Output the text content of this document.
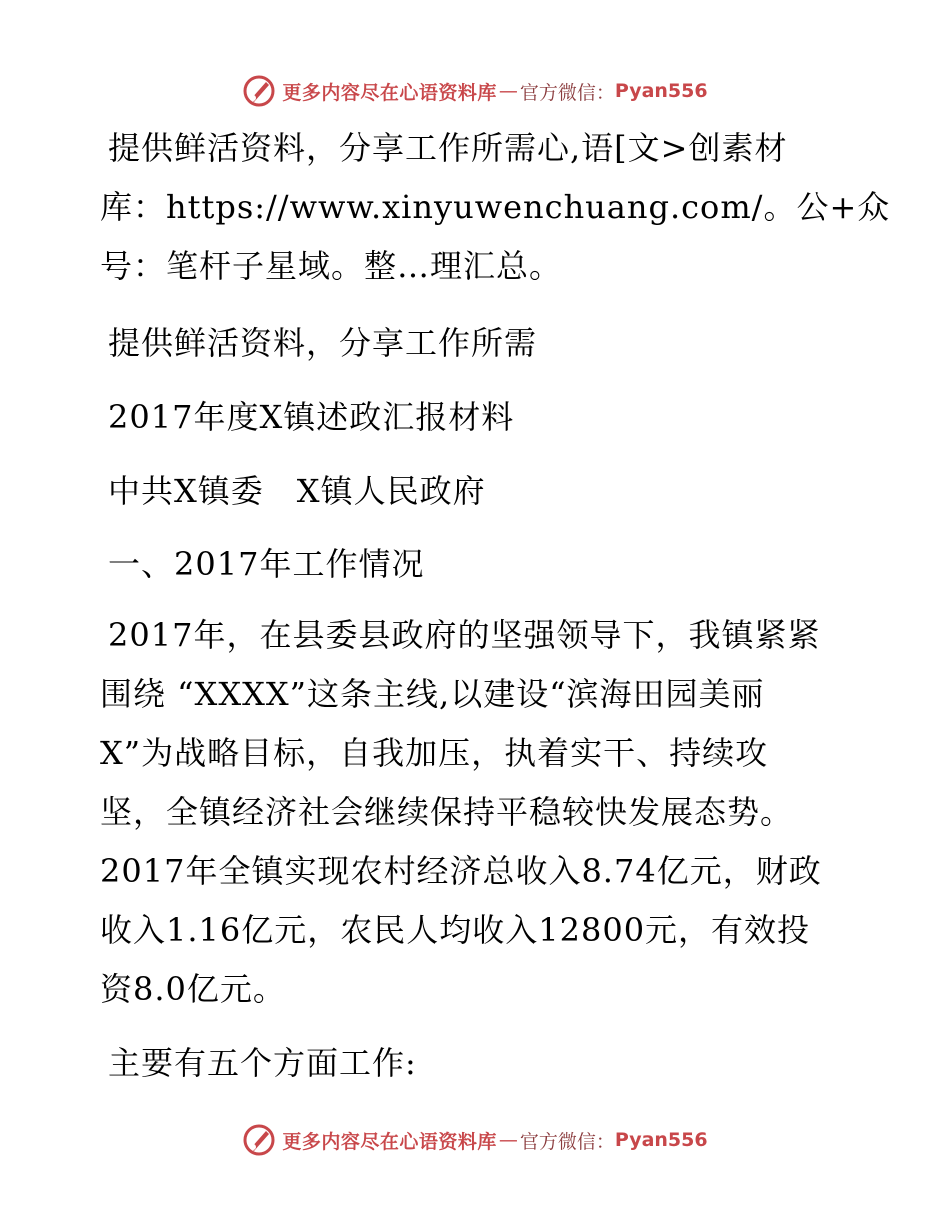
更多内容尽在心语资料库 — 官方微信： Pyan556
提供鲜活资料，分享工作所需心,语[文>创素材
库：https://www.xinyuwenchuang.com/。公+众
号：笔杆子星域。整…理汇总。

提供鲜活资料，分享工作所需

2017年度X镇述政汇报材料

中共X镇委　X镇人民政府

一、2017年工作情况

2017年，在县委县政府的坚强领导下，我镇紧紧
围绕 “XXXX”这条主线,以建设“滨海田园美丽
X”为战略目标，自我加压，执着实干、持续攻
坚，全镇经济社会继续保持平稳较快发展态势。
2017年全镇实现农村经济总收入8.74亿元，财政
收入1.16亿元，农民人均收入12800元，有效投
资8.0亿元。

主要有五个方面工作:

更多内容尽在心语资料库 — 官方微信： Pyan556
